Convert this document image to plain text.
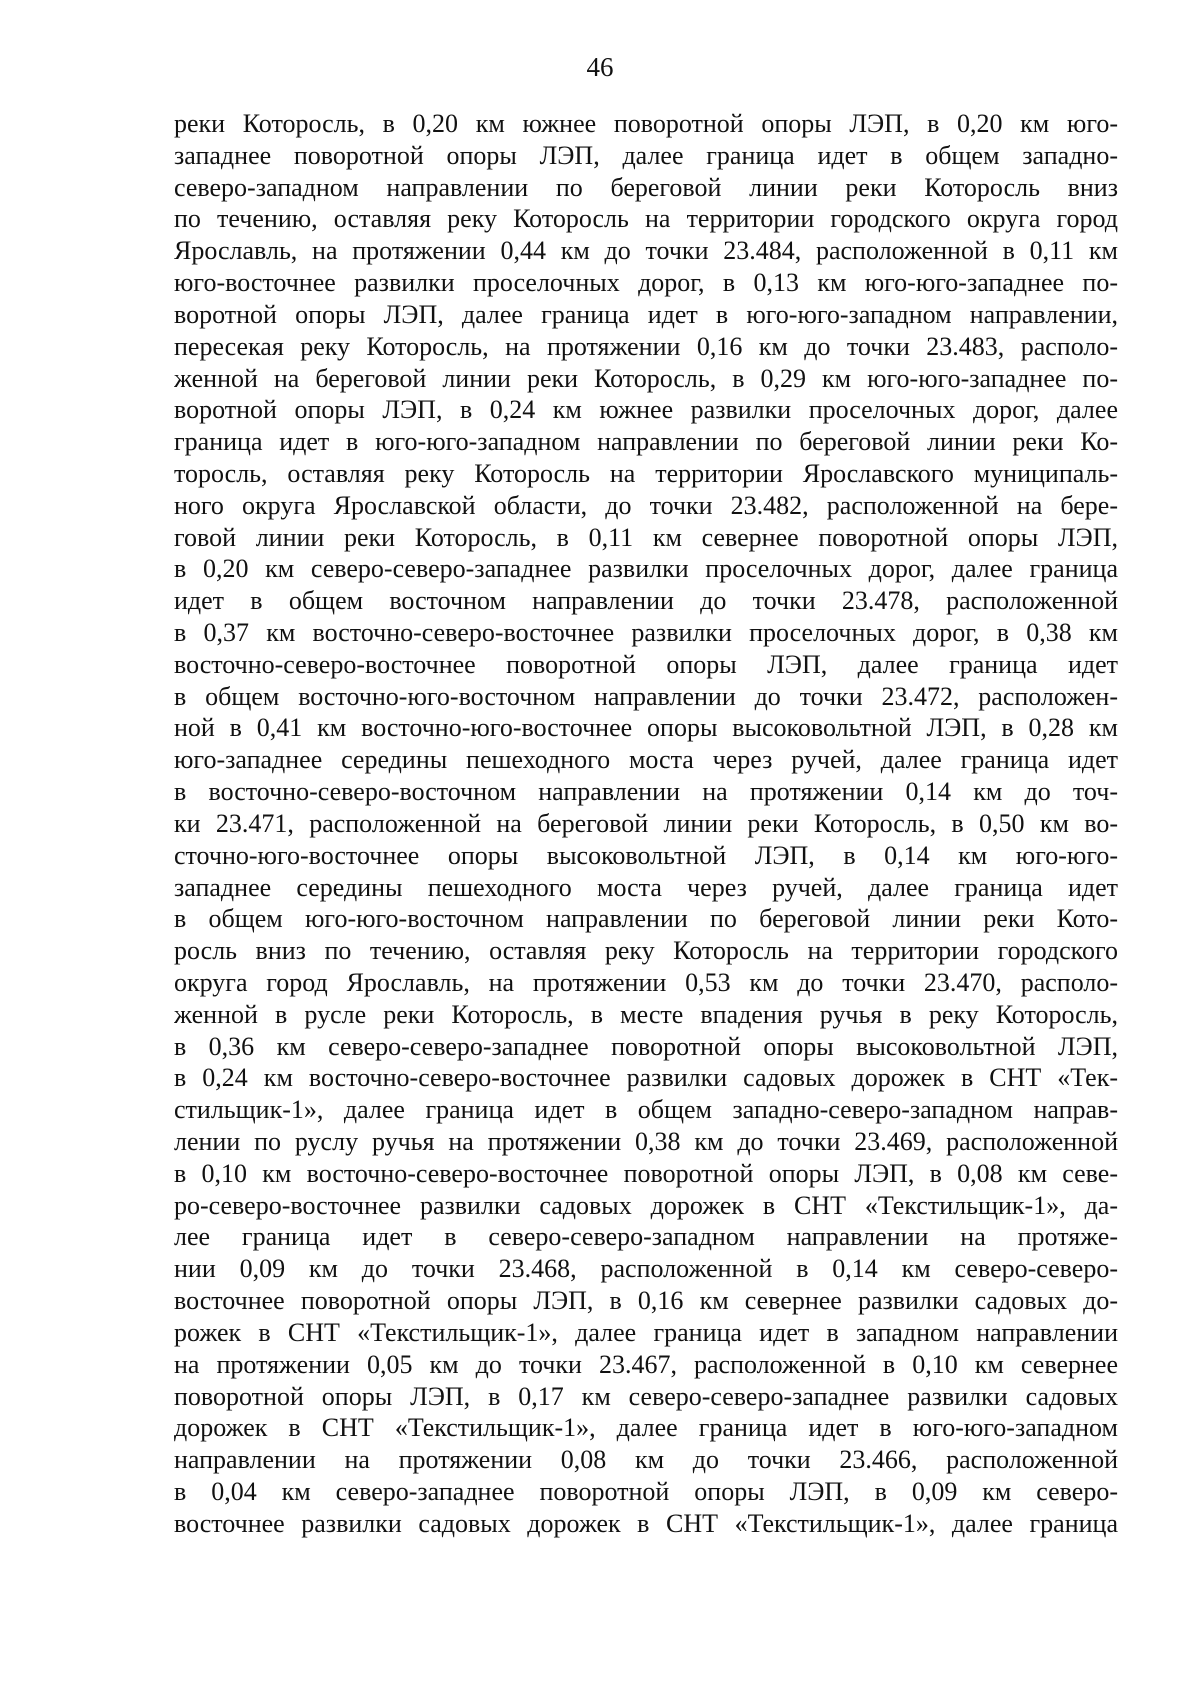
46
реки Которосль, в 0,20 км южнее поворотной опоры ЛЭП, в 0,20 км юго-
западнее поворотной опоры ЛЭП, далее граница идет в общем западно-
северо-западном направлении по береговой линии реки Которосль вниз
по течению, оставляя реку Которосль на территории городского округа город
Ярославль, на протяжении 0,44 км до точки 23.484, расположенной в 0,11 км
юго-восточнее развилки проселочных дорог, в 0,13 км юго-юго-западнее по-
воротной опоры ЛЭП, далее граница идет в юго-юго-западном направлении,
пересекая реку Которосль, на протяжении 0,16 км до точки 23.483, располо-
женной на береговой линии реки Которосль, в 0,29 км юго-юго-западнее по-
воротной опоры ЛЭП, в 0,24 км южнее развилки проселочных дорог, далее
граница идет в юго-юго-западном направлении по береговой линии реки Ко-
торосль, оставляя реку Которосль на территории Ярославского муниципаль-
ного округа Ярославской области, до точки 23.482, расположенной на бере-
говой линии реки Которосль, в 0,11 км севернее поворотной опоры ЛЭП,
в 0,20 км северо-северо-западнее развилки проселочных дорог, далее граница
идет в общем восточном направлении до точки 23.478, расположенной
в 0,37 км восточно-северо-восточнее развилки проселочных дорог, в 0,38 км
восточно-северо-восточнее поворотной опоры ЛЭП, далее граница идет
в общем восточно-юго-восточном направлении до точки 23.472, расположен-
ной в 0,41 км восточно-юго-восточнее опоры высоковольтной ЛЭП, в 0,28 км
юго-западнее середины пешеходного моста через ручей, далее граница идет
в восточно-северо-восточном направлении на протяжении 0,14 км до точ-
ки 23.471, расположенной на береговой линии реки Которосль, в 0,50 км во-
сточно-юго-восточнее опоры высоковольтной ЛЭП, в 0,14 км юго-юго-
западнее середины пешеходного моста через ручей, далее граница идет
в общем юго-юго-восточном направлении по береговой линии реки Кото-
росль вниз по течению, оставляя реку Которосль на территории городского
округа город Ярославль, на протяжении 0,53 км до точки 23.470, располо-
женной в русле реки Которосль, в месте впадения ручья в реку Которосль,
в 0,36 км северо-северо-западнее поворотной опоры высоковольтной ЛЭП,
в 0,24 км восточно-северо-восточнее развилки садовых дорожек в СНТ «Тек-
стильщик-1», далее граница идет в общем западно-северо-западном направ-
лении по руслу ручья на протяжении 0,38 км до точки 23.469, расположенной
в 0,10 км восточно-северо-восточнее поворотной опоры ЛЭП, в 0,08 км севе-
ро-северо-восточнее развилки садовых дорожек в СНТ «Текстильщик-1», да-
лее граница идет в северо-северо-западном направлении на протяже-
нии 0,09 км до точки 23.468, расположенной в 0,14 км северо-северо-
восточнее поворотной опоры ЛЭП, в 0,16 км севернее развилки садовых до-
рожек в СНТ «Текстильщик-1», далее граница идет в западном направлении
на протяжении 0,05 км до точки 23.467, расположенной в 0,10 км севернее
поворотной опоры ЛЭП, в 0,17 км северо-северо-западнее развилки садовых
дорожек в СНТ «Текстильщик-1», далее граница идет в юго-юго-западном
направлении на протяжении 0,08 км до точки 23.466, расположенной
в 0,04 км северо-западнее поворотной опоры ЛЭП, в 0,09 км северо-
восточнее развилки садовых дорожек в СНТ «Текстильщик-1», далее граница
